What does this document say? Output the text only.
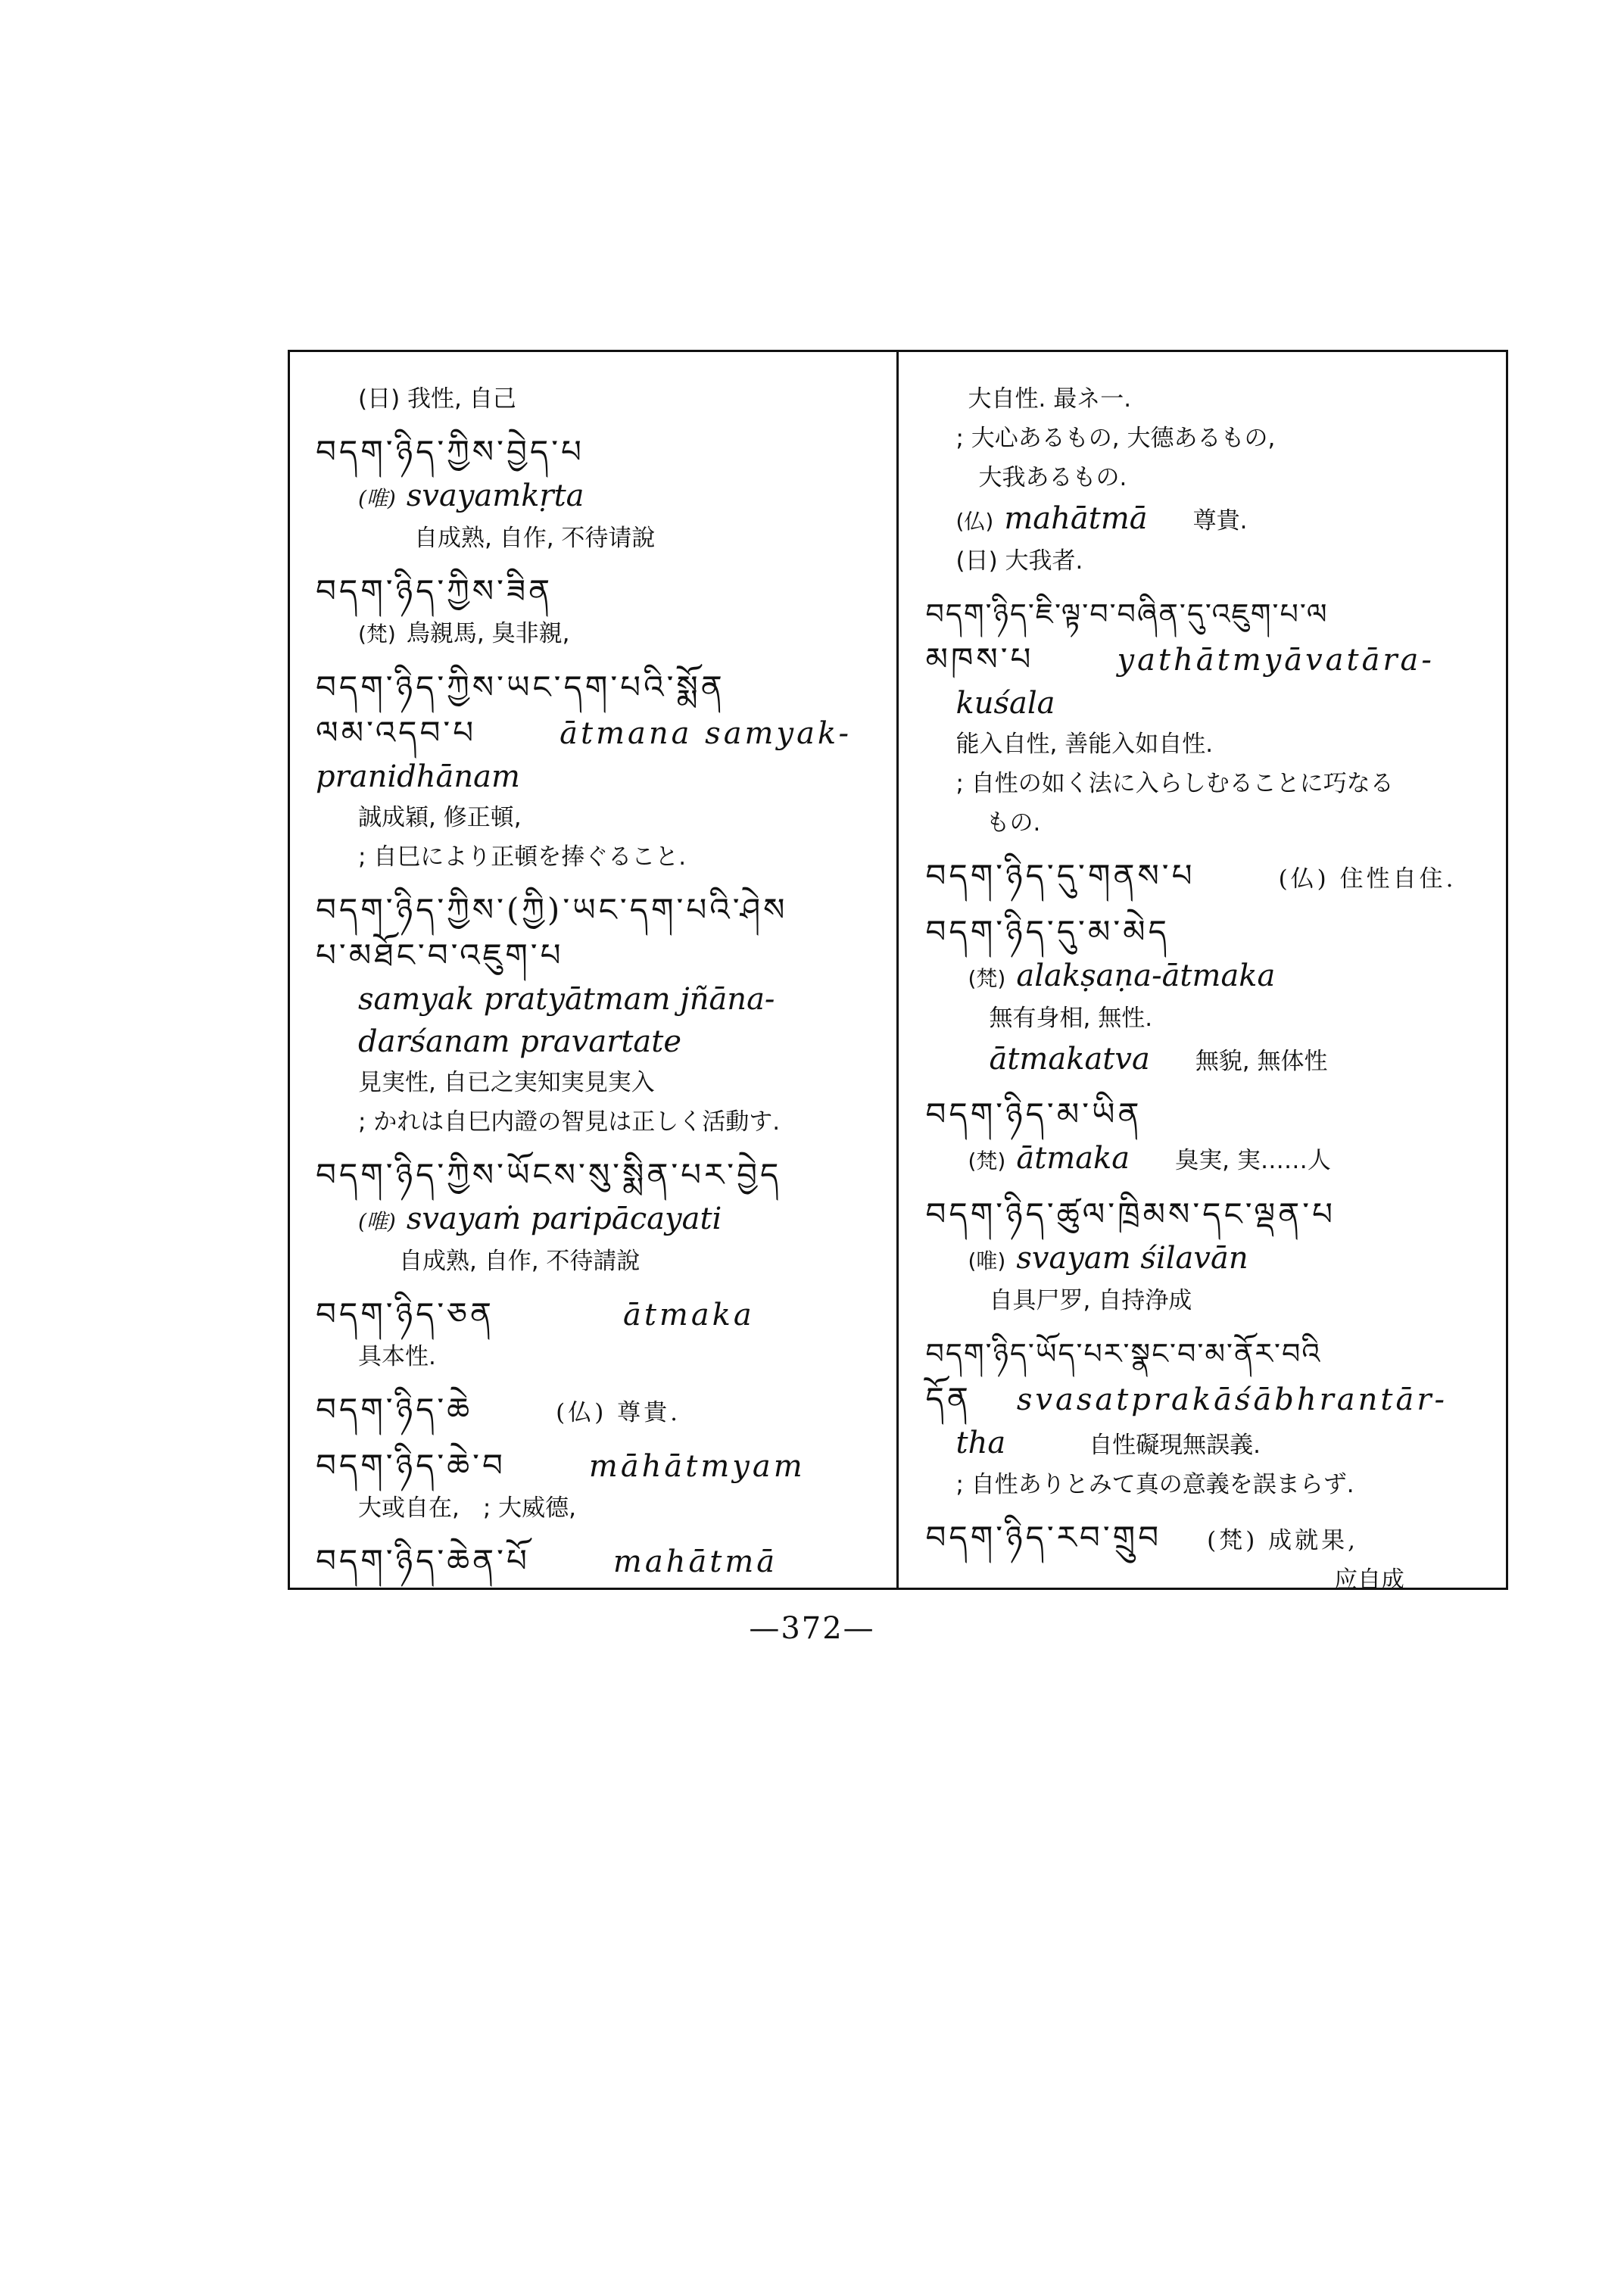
(日) 我性, 自己
བདག་ཉིད་ཀྱིས་བྱེད་པ
(唯) svayamkṛta
自成熟, 自作, 不待请說
བདག་ཉིད་ཀྱིས་ཟིན
(梵) 鳥親馬, 臭非親,
བདག་ཉིད་ཀྱིས་ཡང་དག་པའི་སྨོན
ལམ་འདབ་པ	ātmana samyak-
pranidhānam
誠成穎, 修正頓,
; 自巳により正頓を捧ぐること.
བདག་ཉིད་ཀྱིས་(ཀྱི)་ཡང་དག་པའི་ཤེས
པ་མཐོང་བ་འཇུག་པ
samyak pratyātmam jñāna-
darśanam pravartate
見実性, 自已之実知実見実入
; かれは自巳内證の智見は正しく活動す.
བདག་ཉིད་ཀྱིས་ཡོངས་སུ་སྨིན་པར་བྱེད
(唯) svayaṁ paripācayati
自成熟, 自作, 不待請說
བདག་ཉིད་ཅན	ātmaka
具本性.
བདག་ཉིད་ཆེ	(仏) 尊貴.
བདག་ཉིད་ཆེ་བ	māhātmyam
大或自在,　; 大威德,
བདག་ཉིད་ཆེན་པོ	mahātmā
大自性. 最ネ一.
; 大心あるもの, 大德あるもの,
大我あるもの.
(仏) mahātmā 尊貴.
(日) 大我者.
བདག་ཉིད་ཇི་ལྟ་བ་བཞིན་དུ་འཇུག་པ་ལ
མཁས་པ	yathātmyāvatāra-
kuśala
能入自性, 善能入如自性.
; 自性の如く法に入らしむることに巧なる
もの.
བདག་ཉིད་དུ་གནས་པ	(仏) 住性自住.
བདག་ཉིད་དུ་མ་མེད
(梵) alakṣaṇa-ātmaka
無有身相, 無性.
ātmakatva 無貌, 無体性
བདག་ཉིད་མ་ཡིན
(梵) ātmaka 臭実, 実……人
བདག་ཉིད་ཚུལ་ཁྲིམས་དང་ལྡན་པ
(唯) svayam śilavān
自具尸罗, 自持浄成
བདག་ཉིད་ཡོད་པར་སྣང་བ་མ་ནོར་བའི
དོན svasatprakāśābhrantār-
tha	自性礙現無誤義.
; 自性ありとみて真の意義を誤まらず.
བདག་ཉིད་རབ་གྲུབ (梵) 成就果,
应自成
—372—
